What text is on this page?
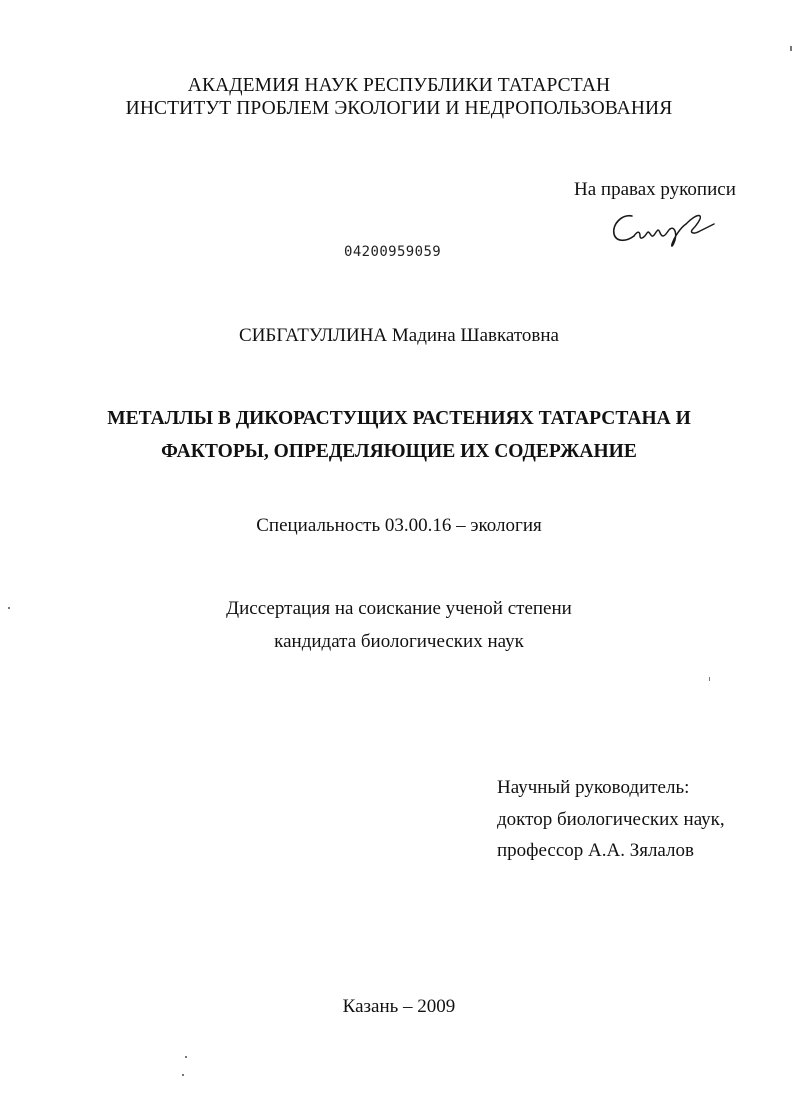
АКАДЕМИЯ НАУК РЕСПУБЛИКИ ТАТАРСТАН
ИНСТИТУТ ПРОБЛЕМ ЭКОЛОГИИ И НЕДРОПОЛЬЗОВАНИЯ
На правах рукописи
04200959059
СИБГАТУЛЛИНА Мадина Шавкатовна
МЕТАЛЛЫ В ДИКОРАСТУЩИХ РАСТЕНИЯХ ТАТАРСТАНА И
ФАКТОРЫ, ОПРЕДЕЛЯЮЩИЕ ИХ СОДЕРЖАНИЕ
Специальность 03.00.16 – экология
Диссертация на соискание ученой степени
кандидата биологических наук
Научный руководитель:
доктор биологических наук,
профессор А.А. Зялалов
Казань – 2009
